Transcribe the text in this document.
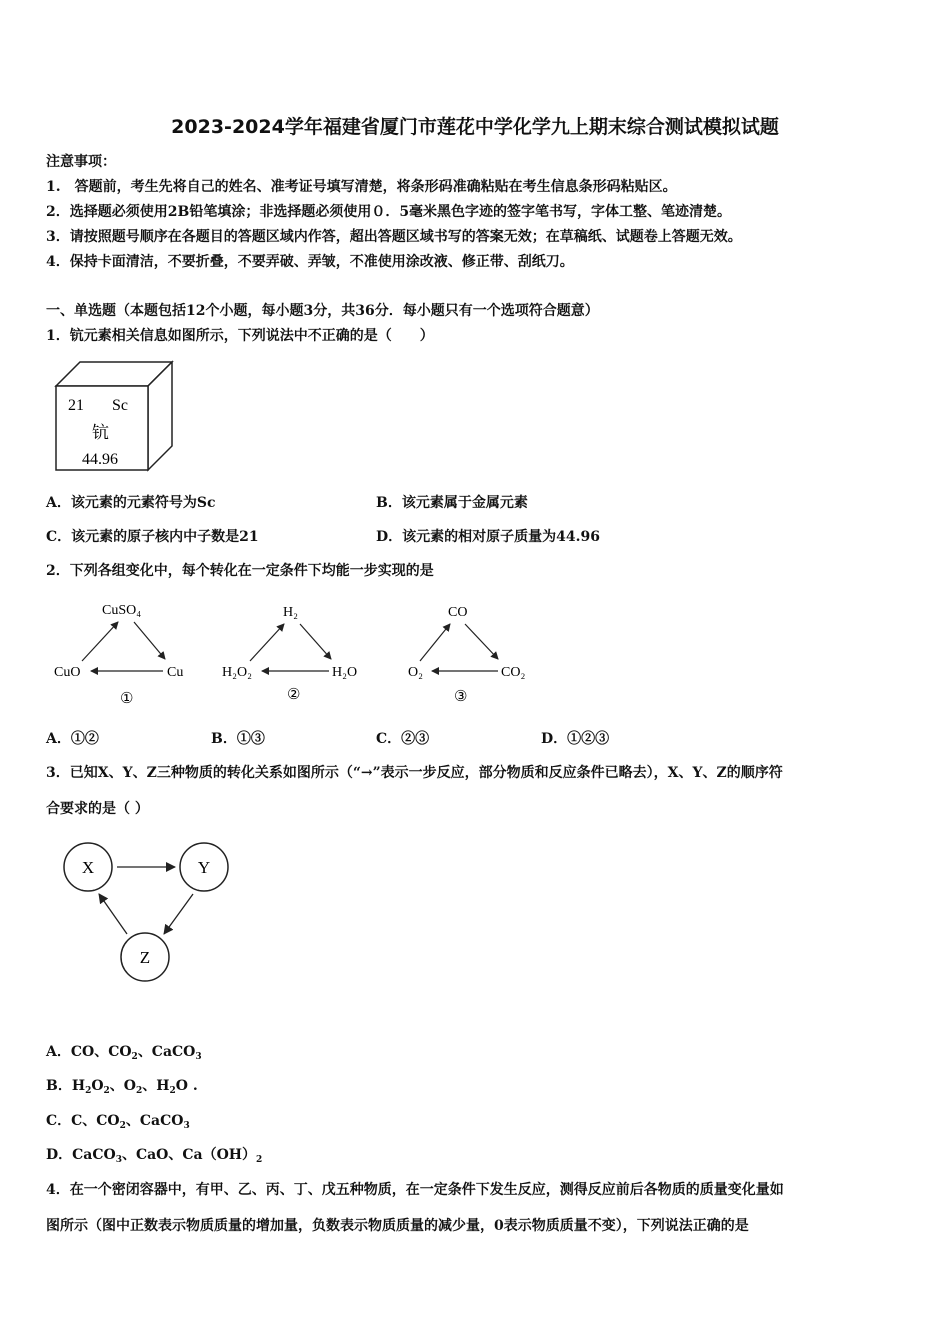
2023-2024学年福建省厦门市莲花中学化学九上期末综合测试模拟试题
注意事项：
1.　答题前，考生先将自己的姓名、准考证号填写清楚，将条形码准确粘贴在考生信息条形码粘贴区。
2．选择题必须使用2B铅笔填涂；非选择题必须使用０．5毫米黑色字迹的签字笔书写，字体工整、笔迹清楚。
3．请按照题号顺序在各题目的答题区域内作答，超出答题区域书写的答案无效；在草稿纸、试题卷上答题无效。
4．保持卡面清洁，不要折叠，不要弄破、弄皱，不准使用涂改液、修正带、刮纸刀。
一、单选题（本题包括12个小题，每小题3分，共36分．每小题只有一个选项符合题意）
1．钪元素相关信息如图所示，下列说法中不正确的是（　　）
21 Sc
钪
44.96
A．该元素的元素符号为Sc	B．该元素属于金属元素
C．该元素的原子核内中子数是21	D．该元素的相对原子质量为44.96
2．下列各组变化中，每个转化在一定条件下均能一步实现的是
CuSO₄
CuO	Cu
①
H₂
H₂O₂	H₂O
②
CO
O₂	CO₂
③
A．①②	B．①③	C．②③	D．①②③
3．已知X、Y、Z三种物质的转化关系如图所示（“→”表示一步反应，部分物质和反应条件已略去），X、Y、Z的顺序符
合要求的是（ ）
X	Y
Z
A．CO、$CO_2$、CaCO$_3$
B．$H_2O_2$、$O_2$、$H_2O$ .
C．C、$CO_2$、CaCO$_3$
D．CaCO$_3$、CaO、$Ca(OH)_2$
4．在一个密闭容器中，有甲、乙、丙、丁、戊五种物质，在一定条件下发生反应，测得反应前后各物质的质量变化量如
图所示（图中正数表示物质质量的增加量，负数表示物质质量的减少量，0表示物质质量不变），下列说法正确的是
